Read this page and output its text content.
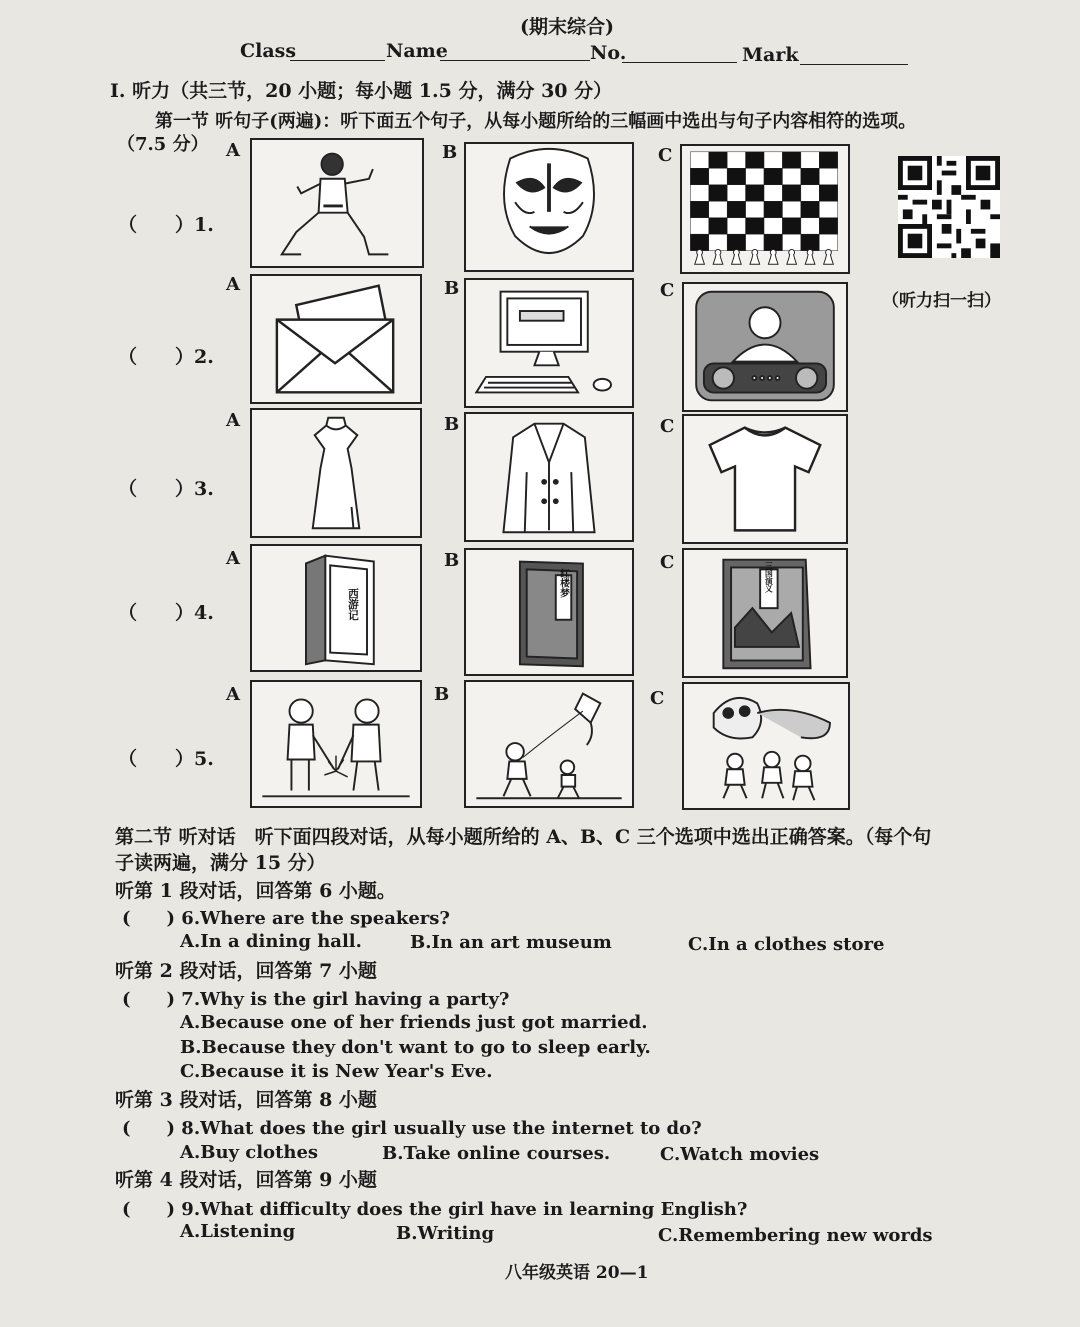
(期末综合)
Class	Name	No.	Mark
I. 听力（共三节，20 小题；每小题 1.5 分，满分 30 分）
第一节 听句子(两遍)：听下面五个句子，从每小题所给的三幅画中选出与句子内容相符的选项。
（7.5 分）
（听力扫一扫）
（　　）1.
A	B	C
（　　）2.
A	B	C
（　　）3.
A	B	C
（　　）4.
A	B	C
西游记
红楼梦	三国演义
（　　）5.
A	B	C
第二节 听对话　听下面四段对话，从每小题所给的 A、B、C 三个选项中选出正确答案。（每个句
子读两遍，满分 15 分）
听第 1 段对话，回答第 6 小题。
(　　) 6.Where are the speakers?
A.In a dining hall.	B.In an art museum	C.In a clothes store
听第 2 段对话，回答第 7 小题
(　　) 7.Why is the girl having a party?
A.Because one of her friends just got married.
B.Because they don't want to go to sleep early.
C.Because it is New Year's Eve.
听第 3 段对话，回答第 8 小题
(　　) 8.What does the girl usually use the internet to do?
A.Buy clothes	B.Take online courses.	C.Watch movies
听第 4 段对话，回答第 9 小题
(　　) 9.What difficulty does the girl have in learning English?
A.Listening	B.Writing	C.Remembering new words
八年级英语 20—1
